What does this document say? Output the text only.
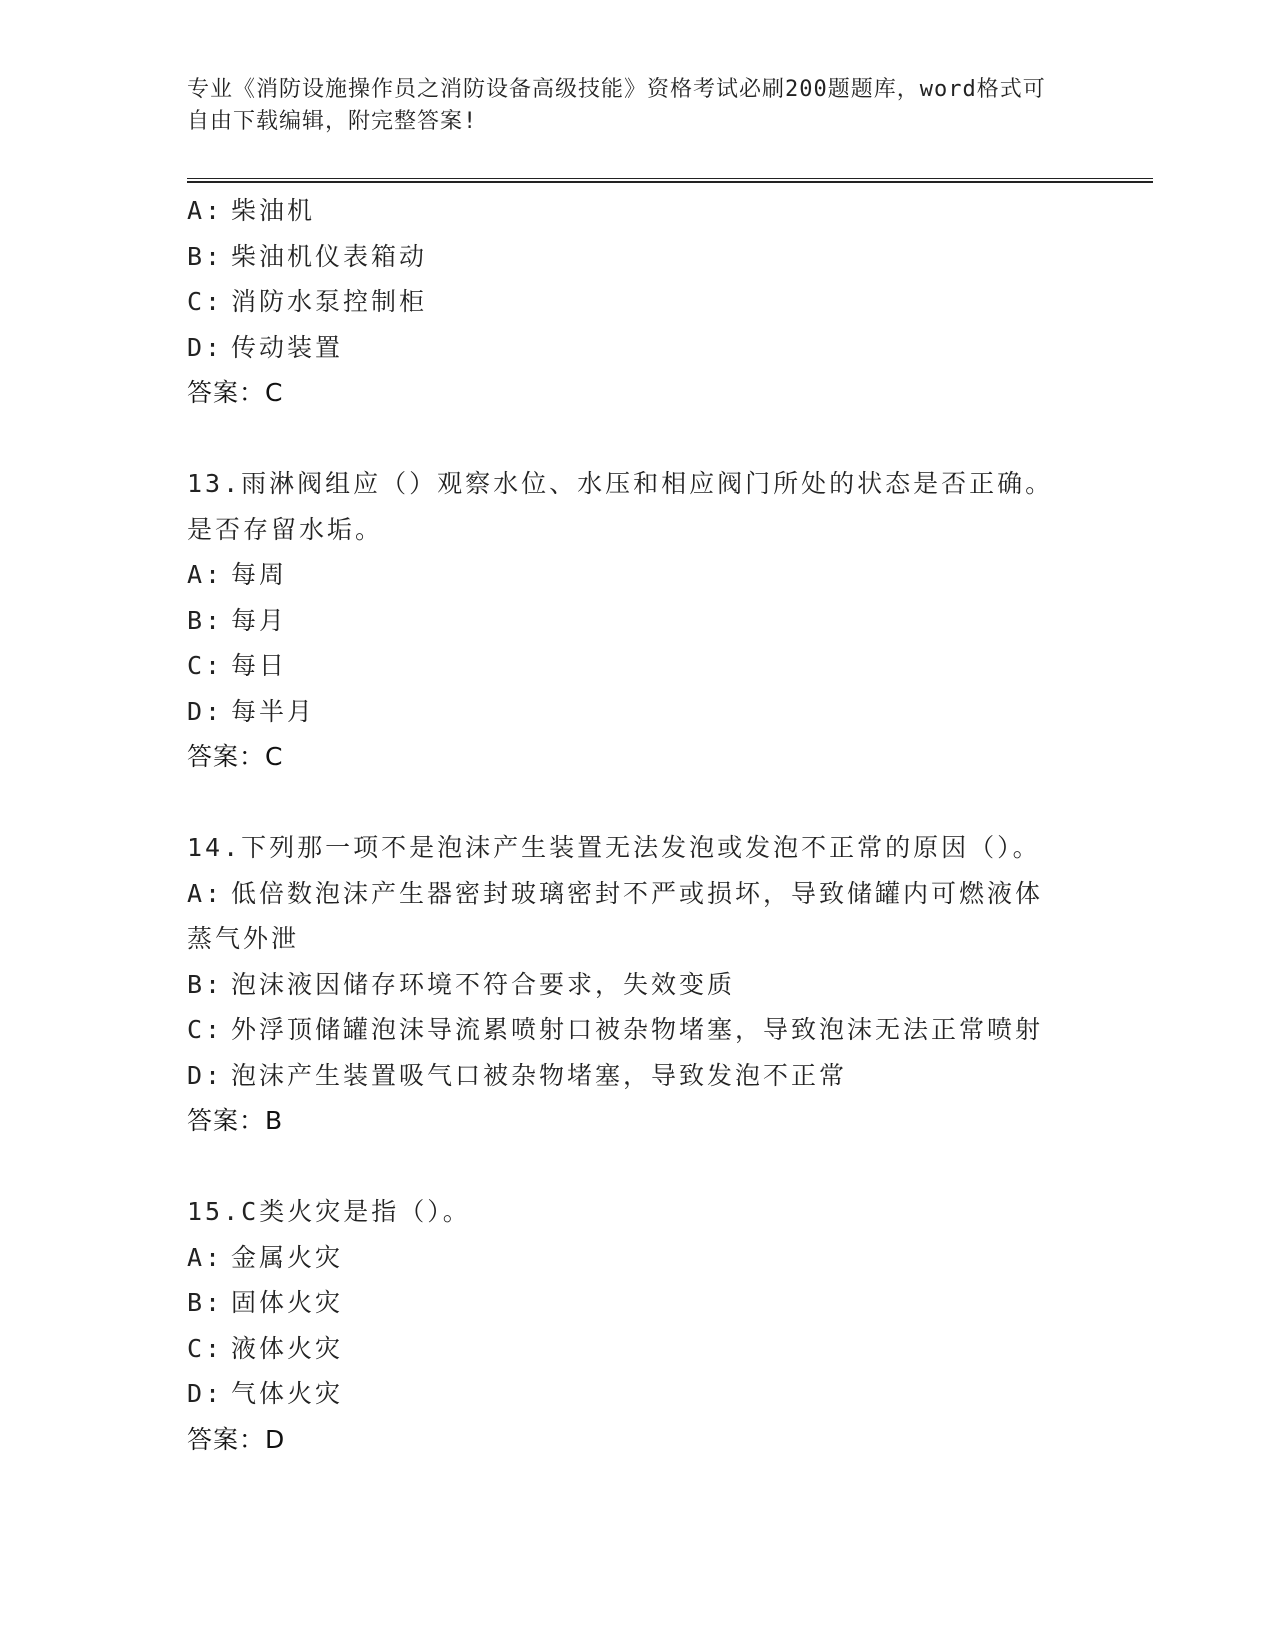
专业《消防设施操作员之消防设备高级技能》资格考试必刷200题题库，word格式可自由下载编辑，附完整答案!
A: 柴油机
B: 柴油机仪表箱动
C: 消防水泵控制柜
D: 传动装置
答案：C
13.雨淋阀组应（）观察水位、水压和相应阀门所处的状态是否正确。
是否存留水垢。
A: 每周
B: 每月
C: 每日
D: 每半月
答案：C
14.下列那一项不是泡沫产生装置无法发泡或发泡不正常的原因（）。
A: 低倍数泡沫产生器密封玻璃密封不严或损坏，导致储罐内可燃液体
蒸气外泄
B: 泡沫液因储存环境不符合要求，失效变质
C: 外浮顶储罐泡沫导流累喷射口被杂物堵塞，导致泡沫无法正常喷射
D: 泡沫产生装置吸气口被杂物堵塞，导致发泡不正常
答案：B
15.C类火灾是指（）。
A: 金属火灾
B: 固体火灾
C: 液体火灾
D: 气体火灾
答案：D
